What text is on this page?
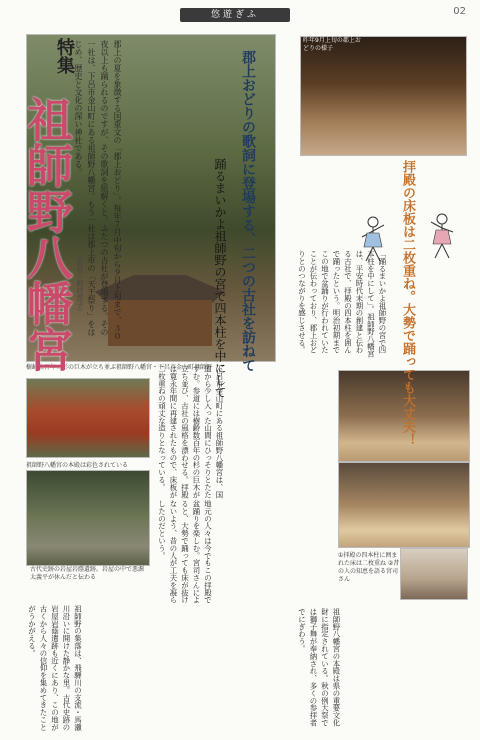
悠遊ぎふ	02
樹齢数百年の杉の巨木が立ち並ぶ祖師野八幡宮・下呂市金山町祖師野
昨年9月上旬の郡上おどりの様子
祖師野八幡宮の本殿は彩色されている
古代史跡の岩屋岩蔭遺跡。岩屋の中で悪源太義平が休んだと伝わる
①拝殿の四本柱に囲まれた床は二枚重ね ②昔の人の知恵を語る宮司さん
特集
祖師野八幡宮	郡上おどりの歌詞に登場する、二つの古社を訪ねて
踊るまいかよ祖師野の宮で四本柱を中にして
郡上の夏を象徴する国重文の「郡上おどり」。毎年７月中旬から９月上旬まで、３０夜以上も踊られるのですが、その歌詞を紐解くと、ふたつの古社が登場する。その一社は、下呂市金山町にある祖師野八幡宮。もう一社は郡上市の「天王祭り」をはじめ、歴史と文化の深い神社である。
（取材・野村淳子）	拝殿の床板は二枚重ね。大勢で踊っても大丈夫！
「踊るまいかよ祖師野の宮で四本柱を中にして」。祖師野八幡宮は、平安時代末期の創建と伝わる古社で、拝殿の四本柱を囲んで踊ったという。明治初期までこの地で盆踊りが行われていたことが伝わっており、郡上おどりとのつながりを感じさせる。
下呂市金山町にある祖師野八幡宮は、国道から少し入った山間にひっそりとたたずむ。参道には樹齢数百年の杉の巨木が立ち並び、古社の風格を漂わせる。拝殿は寛永年間に再建されたもので、床板が二枚重ねの頑丈な造りとなっている。
地元の人々は今でもこの拝殿で盆踊りを楽しむ。宮司さんによると、大勢で踊っても床が抜けないよう、昔の人が工夫を凝らしたのだという。
祖師野の集落は、飛騨川の支流・馬瀬川沿いに開けた静かな里。古代史跡の岩屋岩蔭遺跡も近くにあり、この地が古くから人々の信仰を集めてきたことがうかがえる。	祖師野八幡宮の本殿は県の重要文化財に指定されている。秋の例大祭では獅子舞が奉納され、多くの参拝者でにぎわう。
